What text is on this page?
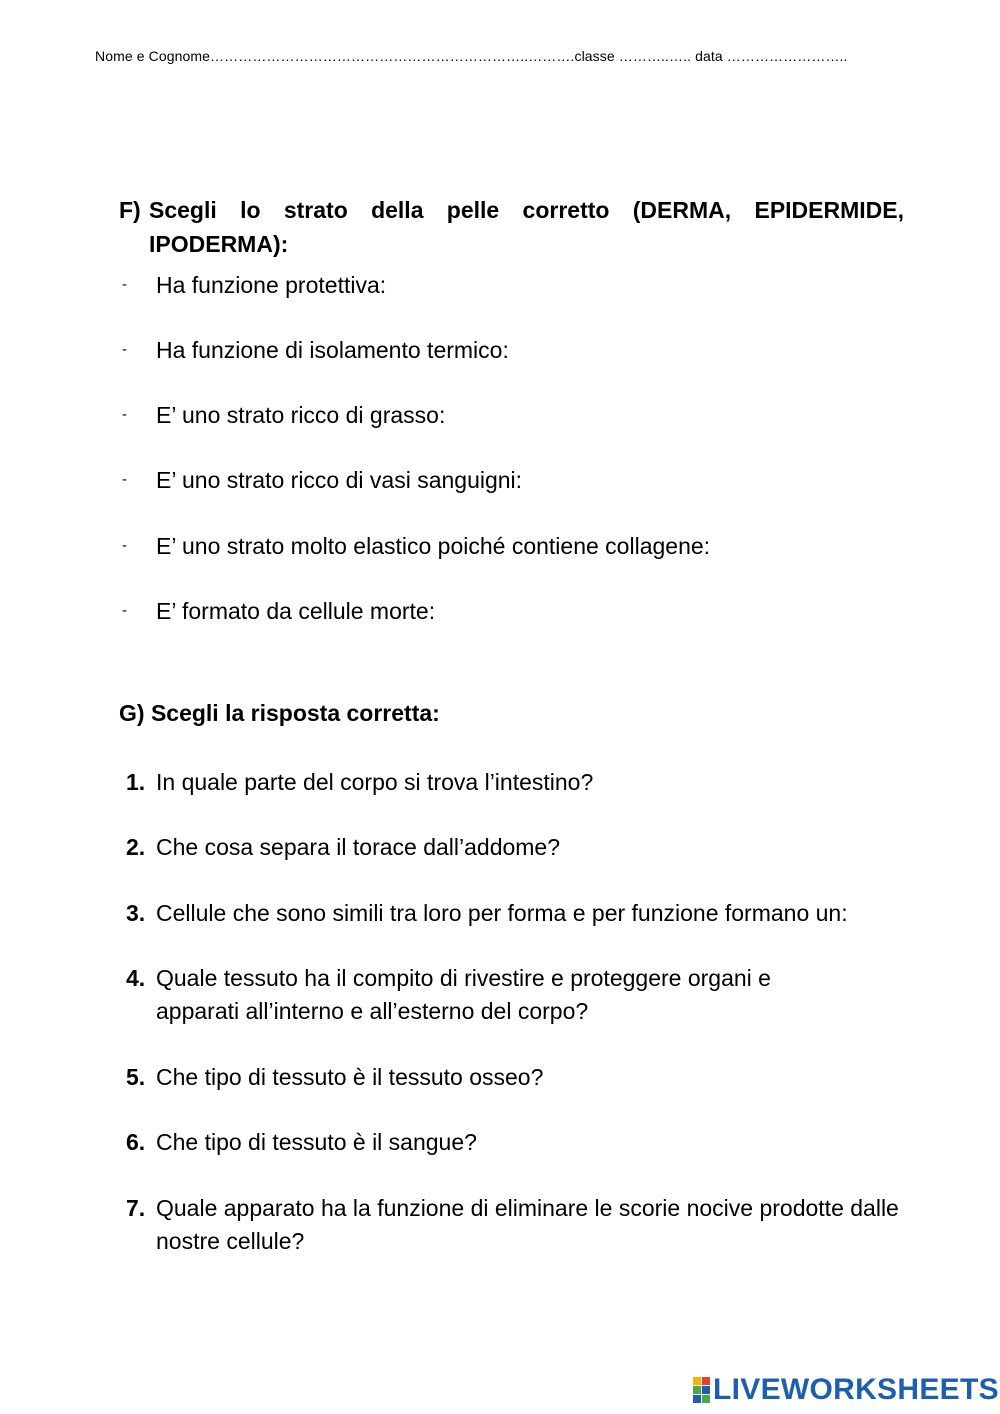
Nome e Cognome…………………………………………………………..……….classe ………..….. data ……………………..
F) Scegli lo strato della pelle corretto (DERMA, EPIDERMIDE, IPODERMA):
- Ha funzione protettiva:
- Ha funzione di isolamento termico:
- E’ uno strato ricco di grasso:
- E’ uno strato ricco di vasi sanguigni:
- E’ uno strato molto elastico poiché contiene collagene:
- E’ formato da cellule morte:
G) Scegli la risposta corretta:
1. In quale parte del corpo si trova l’intestino?
2. Che cosa separa il torace dall’addome?
3. Cellule che sono simili tra loro per forma e per funzione formano un:
4. Quale tessuto ha il compito di rivestire e proteggere organi e apparati all’interno e all’esterno del corpo?
5. Che tipo di tessuto è il tessuto osseo?
6. Che tipo di tessuto è il sangue?
7. Quale apparato ha la funzione di eliminare le scorie nocive prodotte dalle nostre cellule?
LIVEWORKSHEETS
